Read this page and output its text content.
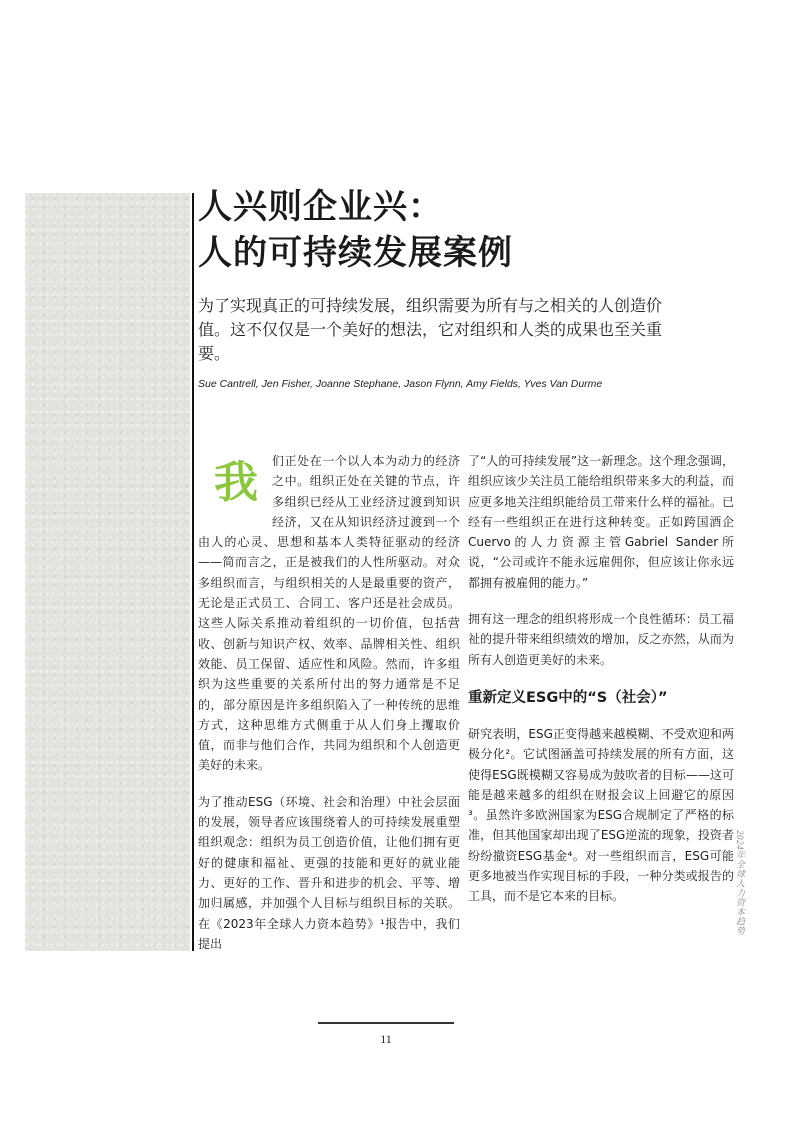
人兴则企业兴：
人的可持续发展案例

为了实现真正的可持续发展，组织需要为所有与之相关的人创造价值。这不仅仅是一个美好的想法，它对组织和人类的成果也至关重要。

Sue Cantrell, Jen Fisher, Joanne Stephane, Jason Flynn, Amy Fields, Yves Van Durme

我 们正处在一个以人本为动力的经济之中。组织正处在关键的节点，许多组织已经从工业经济过渡到知识经济，又在从知识经济过渡到一个由人的心灵、思想和基本人类特征驱动的经济——简而言之，正是被我们的人性所驱动。对众多组织而言，与组织相关的人是最重要的资产，无论是正式员工、合同工、客户还是社会成员。这些人际关系推动着组织的一切价值，包括营收、创新与知识产权、效率、品牌相关性、组织效能、员工保留、适应性和风险。然而，许多组织为这些重要的关系所付出的努力通常是不足的，部分原因是许多组织陷入了一种传统的思维方式，这种思维方式侧重于从人们身上攫取价值，而非与他们合作，共同为组织和个人创造更美好的未来。

为了推动ESG（环境、社会和治理）中社会层面的发展，领导者应该围绕着人的可持续发展重塑组织观念：组织为员工创造价值，让他们拥有更好的健康和福祉、更强的技能和更好的就业能力、更好的工作、晋升和进步的机会、平等、增加归属感，并加强个人目标与组织目标的关联。在《2023年全球人力资本趋势》¹报告中，我们提出

了“人的可持续发展”这一新理念。这个理念强调，组织应该少关注员工能给组织带来多大的利益，而应更多地关注组织能给员工带来什么样的福祉。已经有一些组织正在进行这种转变。正如跨国酒企Cuervo的人力资源主管Gabriel Sander所说，“公司或许不能永远雇佣你，但应该让你永远都拥有被雇佣的能力。”

拥有这一理念的组织将形成一个良性循环：员工福祉的提升带来组织绩效的增加，反之亦然，从而为所有人创造更美好的未来。

重新定义ESG中的“S（社会）”

研究表明，ESG正变得越来越模糊、不受欢迎和两极分化²。它试图涵盖可持续发展的所有方面，这使得ESG既模糊又容易成为鼓吹者的目标——这可能是越来越多的组织在财报会议上回避它的原因³。虽然许多欧洲国家为ESG合规制定了严格的标准，但其他国家却出现了ESG逆流的现象，投资者纷纷撤资ESG基金⁴。对一些组织而言，ESG可能更多地被当作实现目标的手段，一种分类或报告的工具，而不是它本来的目标。	2024年全球人力资本趋势
11
